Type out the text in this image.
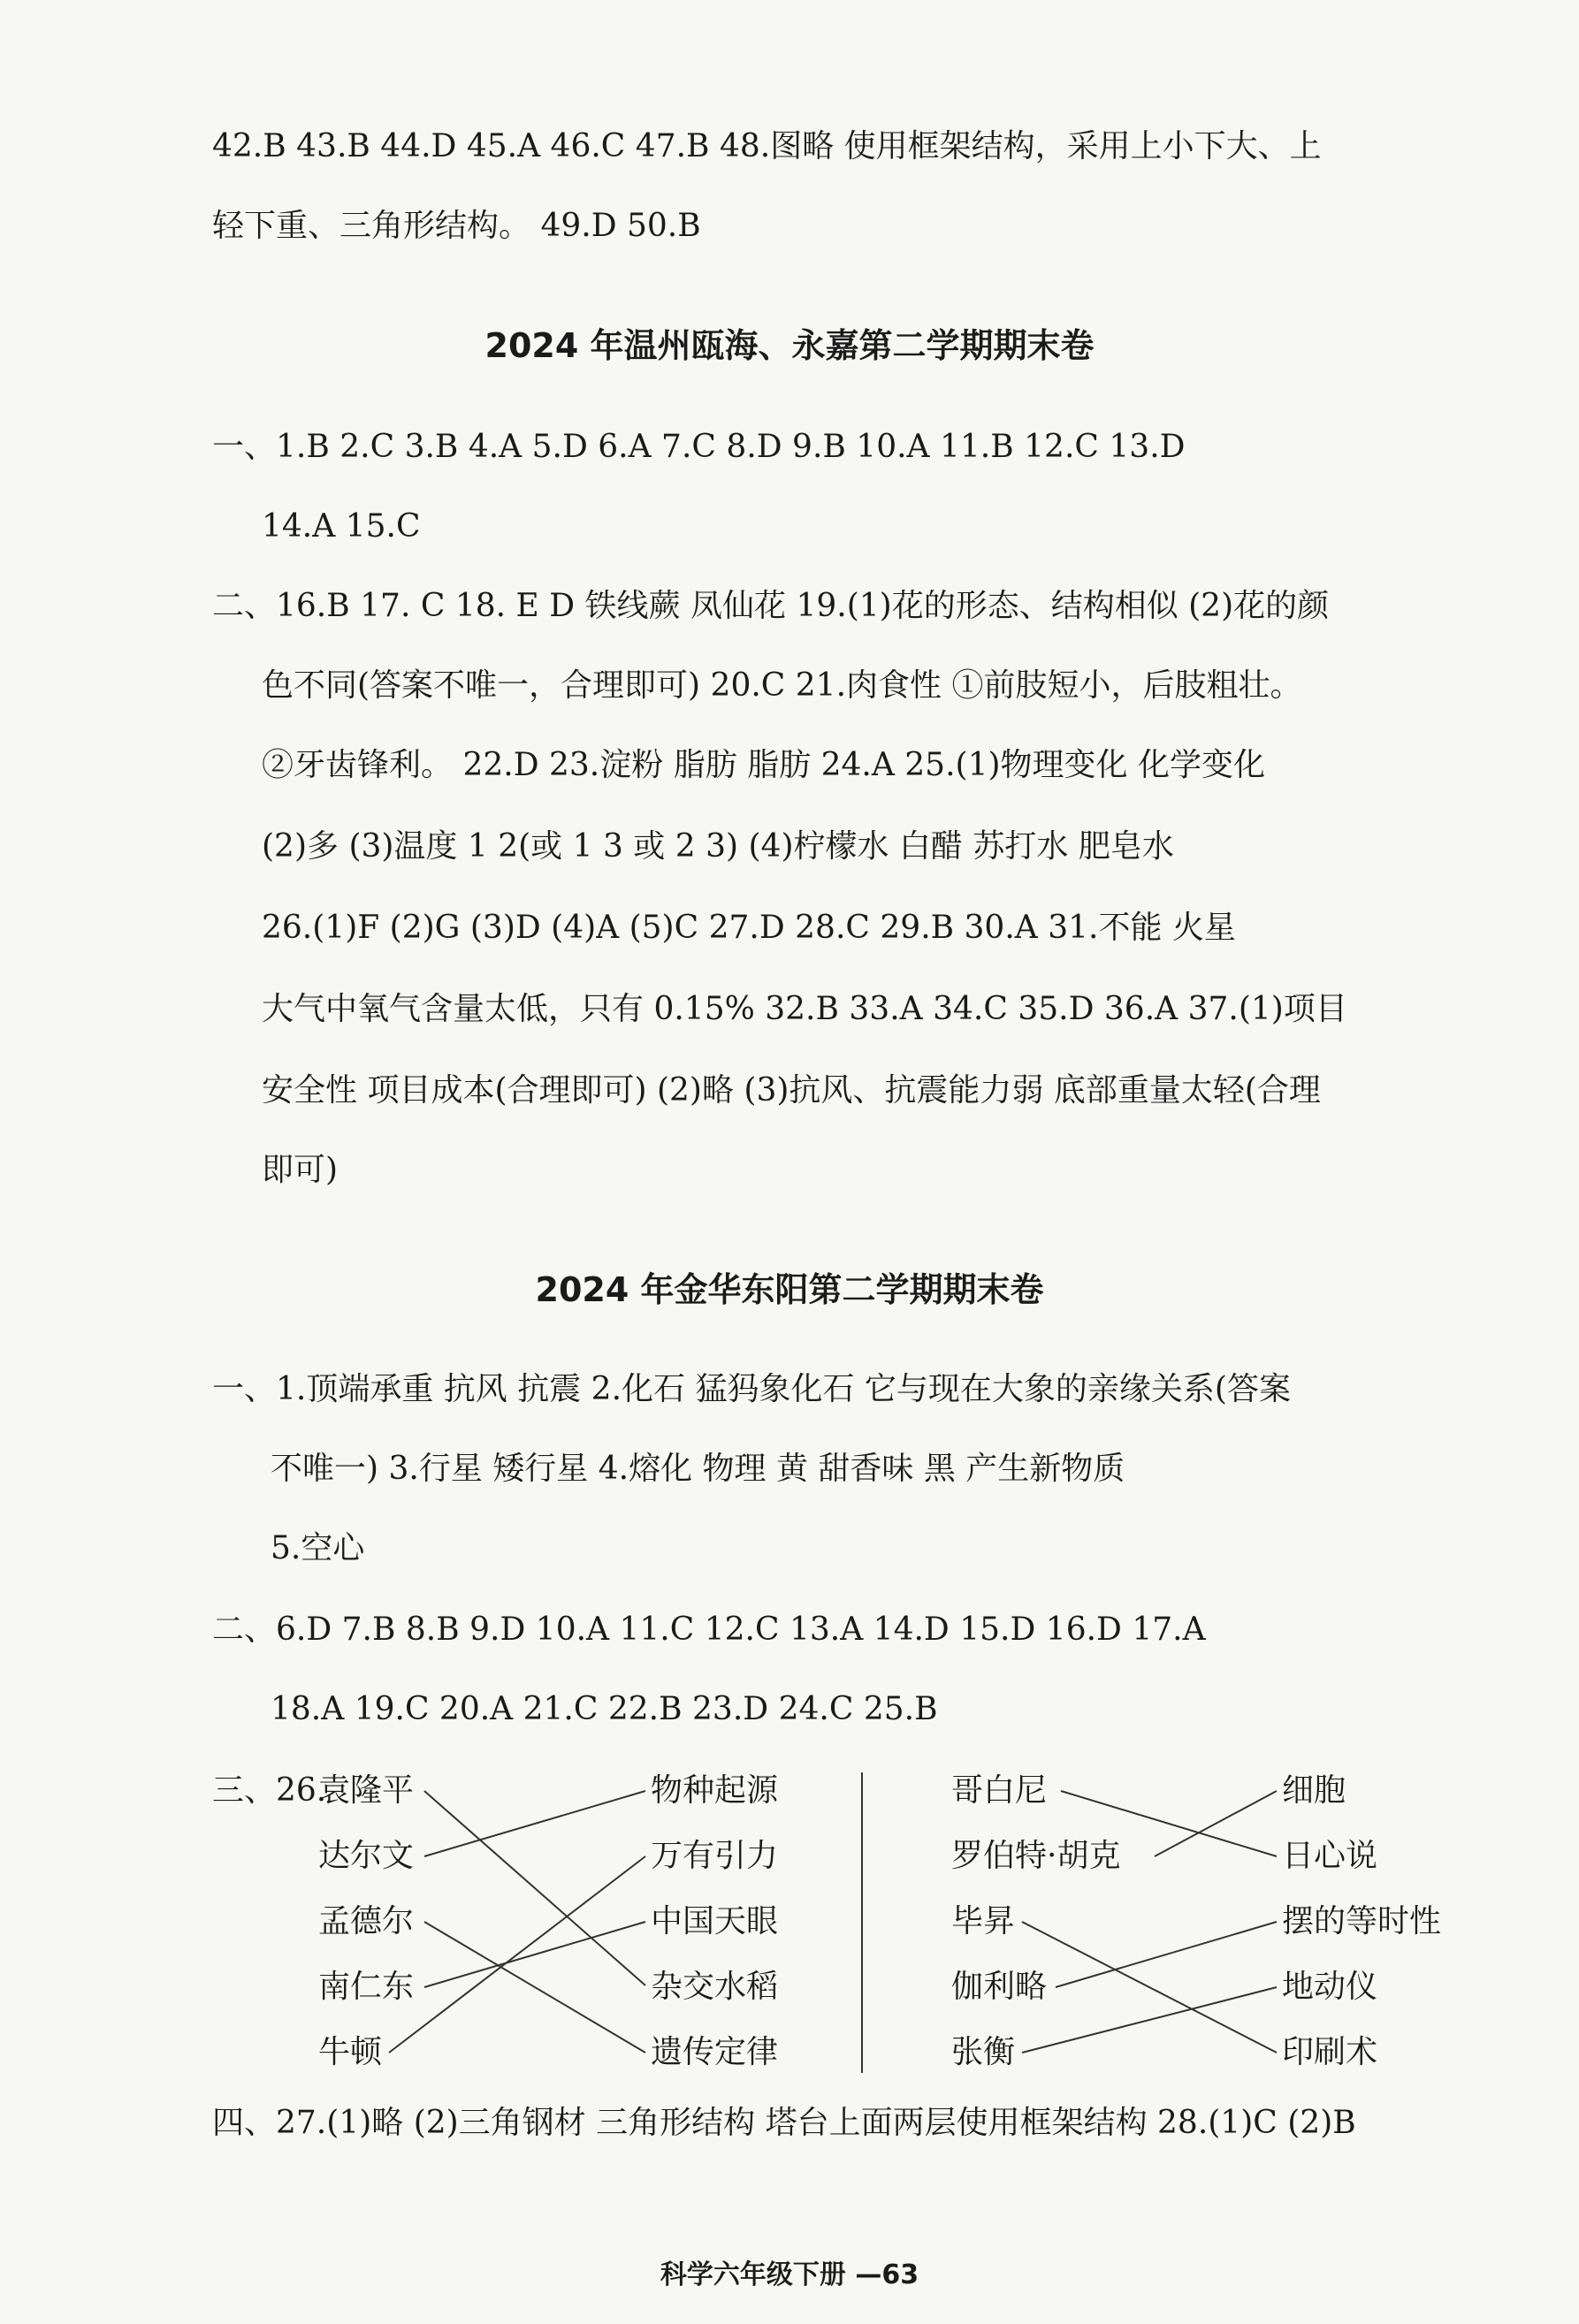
42.B 43.B 44.D 45.A 46.C 47.B 48.图略 使用框架结构，采用上小下大、上
轻下重、三角形结构。 49.D 50.B
2024 年温州瓯海、永嘉第二学期期末卷
一、1.B 2.C 3.B 4.A 5.D 6.A 7.C 8.D 9.B 10.A 11.B 12.C 13.D
14.A 15.C
二、16.B 17. C 18. E D 铁线蕨 凤仙花 19.(1)花的形态、结构相似 (2)花的颜
色不同(答案不唯一，合理即可) 20.C 21.肉食性 ①前肢短小，后肢粗壮。
②牙齿锋利。 22.D 23.淀粉 脂肪 脂肪 24.A 25.(1)物理变化 化学变化
(2)多 (3)温度 1 2(或 1 3 或 2 3) (4)柠檬水 白醋 苏打水 肥皂水
26.(1)F (2)G (3)D (4)A (5)C 27.D 28.C 29.B 30.A 31.不能 火星
大气中氧气含量太低，只有 0.15% 32.B 33.A 34.C 35.D 36.A 37.(1)项目
安全性 项目成本(合理即可) (2)略 (3)抗风、抗震能力弱 底部重量太轻(合理
即可)
2024 年金华东阳第二学期期末卷
一、1.顶端承重 抗风 抗震 2.化石 猛犸象化石 它与现在大象的亲缘关系(答案
不唯一) 3.行星 矮行星 4.熔化 物理 黄 甜香味 黑 产生新物质
5.空心
二、6.D 7.B 8.B 9.D 10.A 11.C 12.C 13.A 14.D 15.D 16.D 17.A
18.A 19.C 20.A 21.C 22.B 23.D 24.C 25.B
三、26.
袁隆平
达尔文
孟德尔
南仁东
牛顿
物种起源
万有引力
中国天眼
杂交水稻
遗传定律
哥白尼
罗伯特·胡克
毕昇
伽利略
张衡
细胞
日心说
摆的等时性
地动仪
印刷术
四、27.(1)略 (2)三角钢材 三角形结构 塔台上面两层使用框架结构 28.(1)C (2)B
科学六年级下册 —63
